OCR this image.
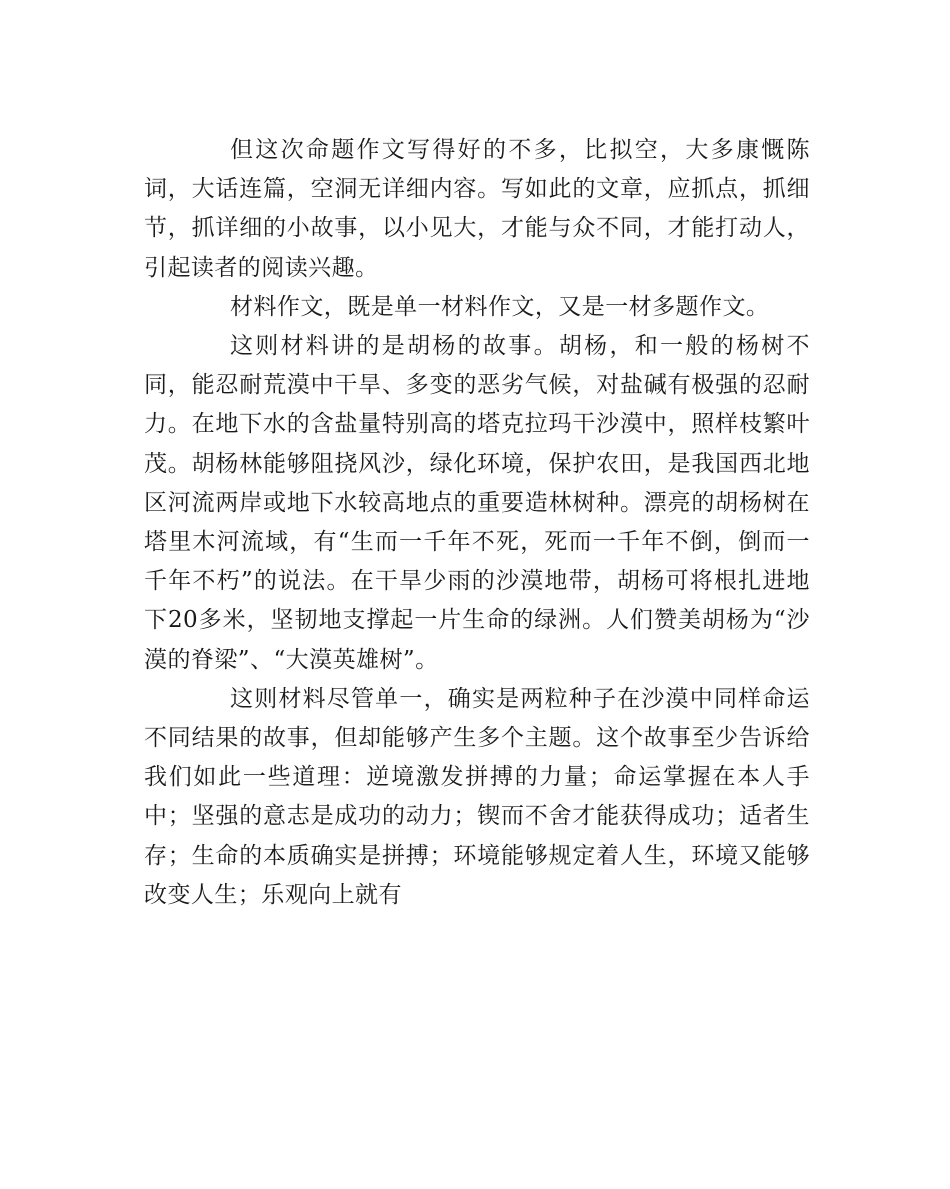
但这次命题作文写得好的不多，比拟空，大多康慨陈词，大话连篇，空洞无详细内容。写如此的文章，应抓点，抓细节，抓详细的小故事，以小见大，才能与众不同，才能打动人，引起读者的阅读兴趣。

材料作文，既是单一材料作文，又是一材多题作文。

这则材料讲的是胡杨的故事。胡杨，和一般的杨树不同，能忍耐荒漠中干旱、多变的恶劣气候，对盐碱有极强的忍耐力。在地下水的含盐量特别高的塔克拉玛干沙漠中，照样枝繁叶茂。胡杨林能够阻挠风沙，绿化环境，保护农田，是我国西北地区河流两岸或地下水较高地点的重要造林树种。漂亮的胡杨树在塔里木河流域，有“生而一千年不死，死而一千年不倒，倒而一千年不朽”的说法。在干旱少雨的沙漠地带，胡杨可将根扎进地下20多米，坚韧地支撑起一片生命的绿洲。人们赞美胡杨为“沙漠的脊梁”、“大漠英雄树”。

这则材料尽管单一，确实是两粒种子在沙漠中同样命运不同结果的故事，但却能够产生多个主题。这个故事至少告诉给我们如此一些道理：逆境激发拼搏的力量；命运掌握在本人手中；坚强的意志是成功的动力；锲而不舍才能获得成功；适者生存；生命的本质确实是拼搏；环境能够规定着人生，环境又能够改变人生；乐观向上就有
